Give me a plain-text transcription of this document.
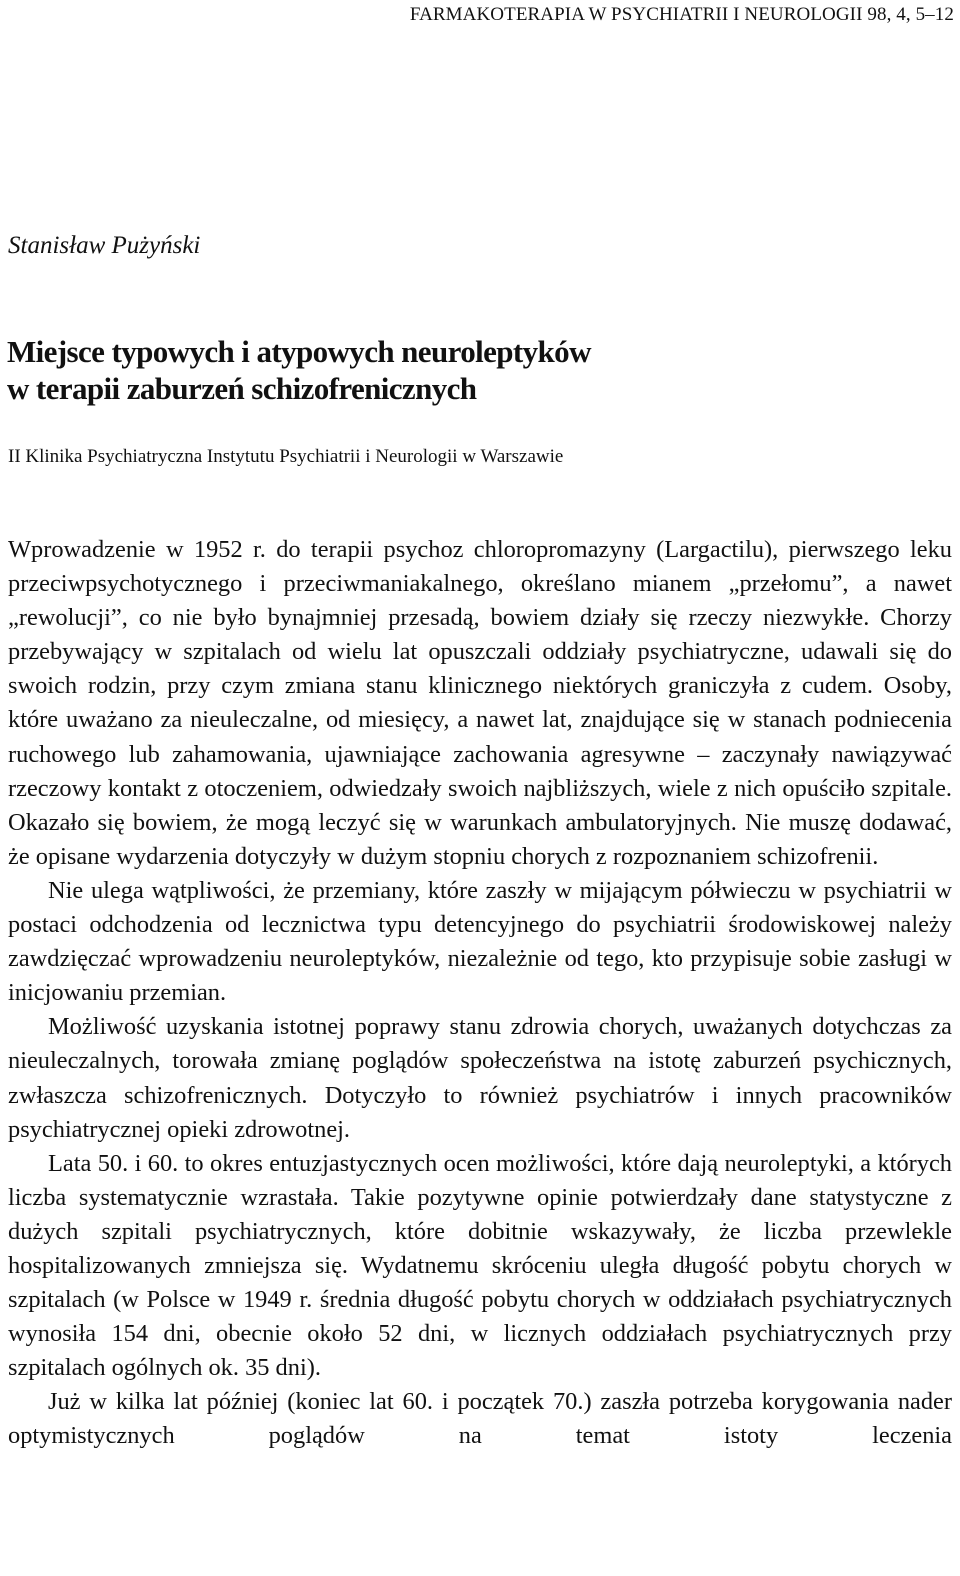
FARMAKOTERAPIA W PSYCHIATRII I NEUROLOGII 98, 4, 5–12
Stanisław Pużyński
Miejsce typowych i atypowych neuroleptyków
w terapii zaburzeń schizofrenicznych
II Klinika Psychiatryczna Instytutu Psychiatrii i Neurologii w Warszawie

Wprowadzenie w 1952 r. do terapii psychoz chloropromazyny (Largactilu), pierwszego leku przeciwpsychotycznego i przeciwmaniakalnego, określano mianem „przełomu”, a nawet „rewolucji”, co nie było bynajmniej przesadą, bowiem działy się rzeczy niezwykłe. Chorzy przebywający w szpitalach od wielu lat opuszczali oddziały psychiatryczne, udawali się do swoich rodzin, przy czym zmiana stanu klinicznego niektórych graniczyła z cudem. Osoby, które uważano za nieuleczalne, od miesięcy, a nawet lat, znajdujące się w stanach podniecenia ruchowego lub zahamowania, ujawniające zachowania agresywne – zaczynały nawiązywać rzeczowy kontakt z otoczeniem, odwiedzały swoich najbliższych, wiele z nich opuściło szpitale. Okazało się bowiem, że mogą leczyć się w warunkach ambulatoryjnych. Nie muszę dodawać, że opisane wydarzenia dotyczyły w dużym stopniu chorych z rozpoznaniem schizofrenii.

Nie ulega wątpliwości, że przemiany, które zaszły w mijającym półwieczu w psychiatrii w postaci odchodzenia od lecznictwa typu detencyjnego do psychiatrii środowiskowej należy zawdzięczać wprowadzeniu neuroleptyków, niezależnie od tego, kto przypisuje sobie zasługi w inicjowaniu przemian.

Możliwość uzyskania istotnej poprawy stanu zdrowia chorych, uważanych dotychczas za nieuleczalnych, torowała zmianę poglądów społeczeństwa na istotę zaburzeń psychicznych, zwłaszcza schizofrenicznych. Dotyczyło to również psychiatrów i innych pracowników psychiatrycznej opieki zdrowotnej.

Lata 50. i 60. to okres entuzjastycznych ocen możliwości, które dają neuroleptyki, a których liczba systematycznie wzrastała. Takie pozytywne opinie potwierdzały dane statystyczne z dużych szpitali psychiatrycznych, które dobitnie wskazywały, że liczba przewlekle hospitalizowanych zmniejsza się. Wydatnemu skróceniu uległa długość pobytu chorych w szpitalach (w Polsce w 1949 r. średnia długość pobytu chorych w oddziałach psychiatrycznych wynosiła 154 dni, obecnie około 52 dni, w licznych oddziałach psychiatrycznych przy szpitalach ogólnych ok. 35 dni).

Już w kilka lat później (koniec lat 60. i początek 70.) zaszła potrzeba korygowania nader optymistycznych poglądów na temat istoty leczenia
